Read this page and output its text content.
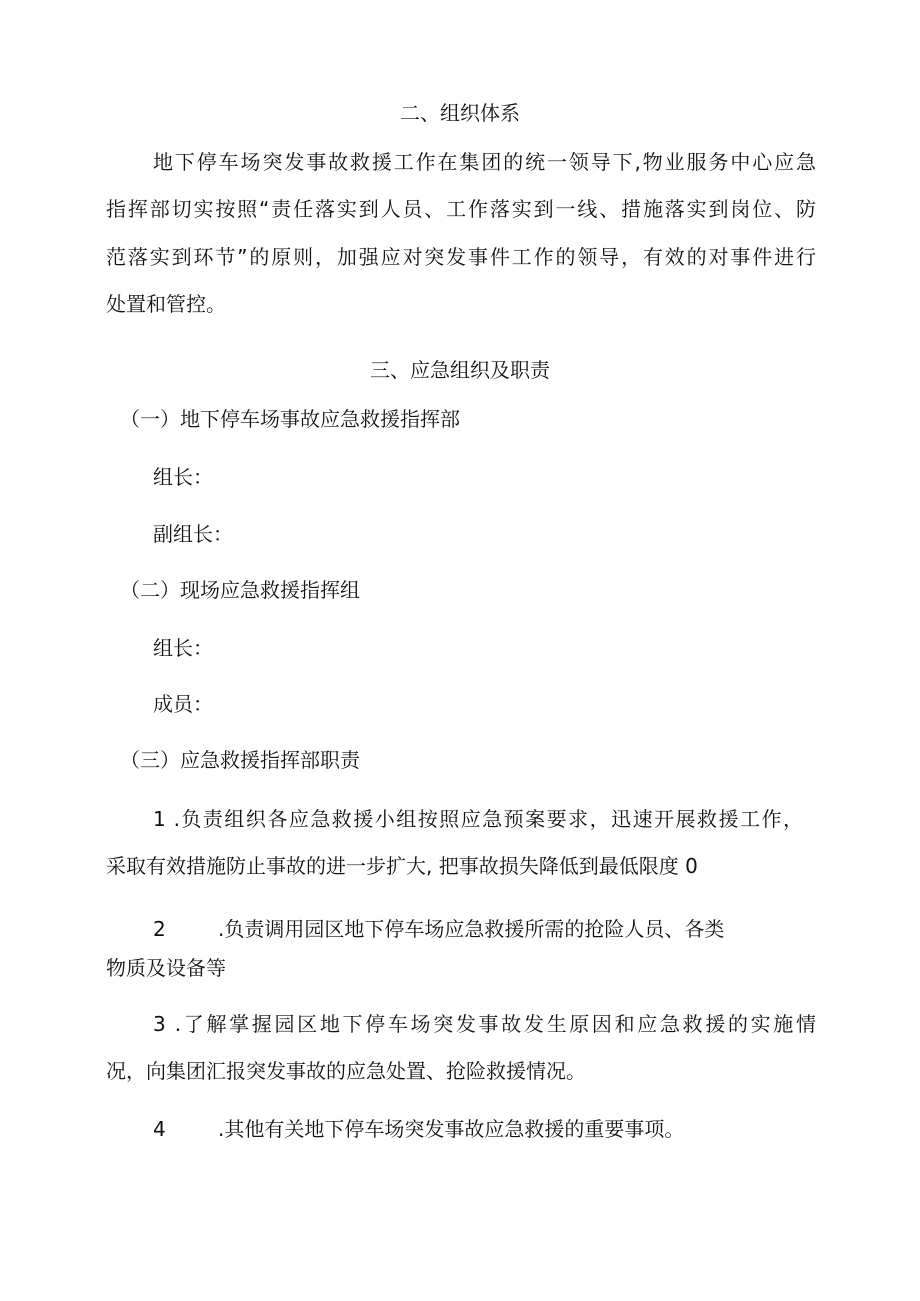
二、组织体系

地下停车场突发事故救援工作在集团的统一领导下,物业服务中心应急

指挥部切实按照“责任落实到人员、工作落实到一线、措施落实到岗位、防

范落实到环节”的原则，加强应对突发事件工作的领导，有效的对事件进行

处置和管控。

三、应急组织及职责

（一）地下停车场事故应急救援指挥部

组长：

副组长：

（二）现场应急救援指挥组

组长：

成员：

（三）应急救援指挥部职责

1 .负责组织各应急救援小组按照应急预案要求，迅速开展救援工作，

采取有效措施防止事故的进一步扩大, 把事故损失降低到最低限度 0

2	.负责调用园区地下停车场应急救援所需的抢险人员、各类

物质及设备等

3 .了解掌握园区地下停车场突发事故发生原因和应急救援的实施情

况，向集团汇报突发事故的应急处置、抢险救援情况。

4	.其他有关地下停车场突发事故应急救援的重要事项。
